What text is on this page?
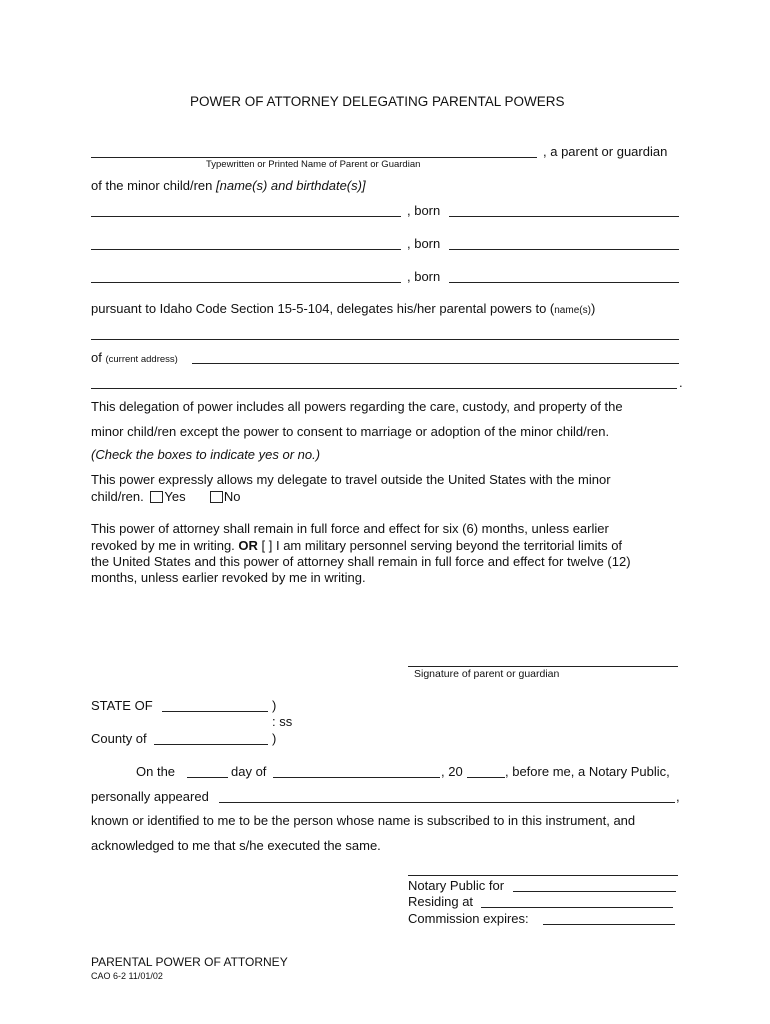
POWER OF ATTORNEY DELEGATING PARENTAL POWERS
, a parent or guardian
Typewritten or Printed Name of Parent or Guardian
of the minor child/ren [name(s) and birthdate(s)]
, born
, born
, born
pursuant to Idaho Code Section 15-5-104, delegates his/her parental powers to (name(s))
of (current address)
.
This delegation of power includes all powers regarding the care, custody, and property of the
minor child/ren except the power to consent to marriage or adoption of the minor child/ren.
(Check the boxes to indicate yes or no.)
This power expressly allows my delegate to travel outside the United States with the minor
child/ren. Yes	No
This power of attorney shall remain in full force and effect for six (6) months, unless earlier
revoked by me in writing. OR [ ] I am military personnel serving beyond the territorial limits of
the United States and this power of attorney shall remain in full force and effect for twelve (12)
months, unless earlier revoked by me in writing.
Signature of parent or guardian
STATE OF	)
: ss
County of	)
On the	day of	, 20	, before me, a Notary Public,
personally appeared	,
known or identified to me to be the person whose name is subscribed to in this instrument, and
acknowledged to me that s/he executed the same.
Notary Public for
Residing at
Commission expires:
PARENTAL POWER OF ATTORNEY
CAO 6-2 11/01/02
